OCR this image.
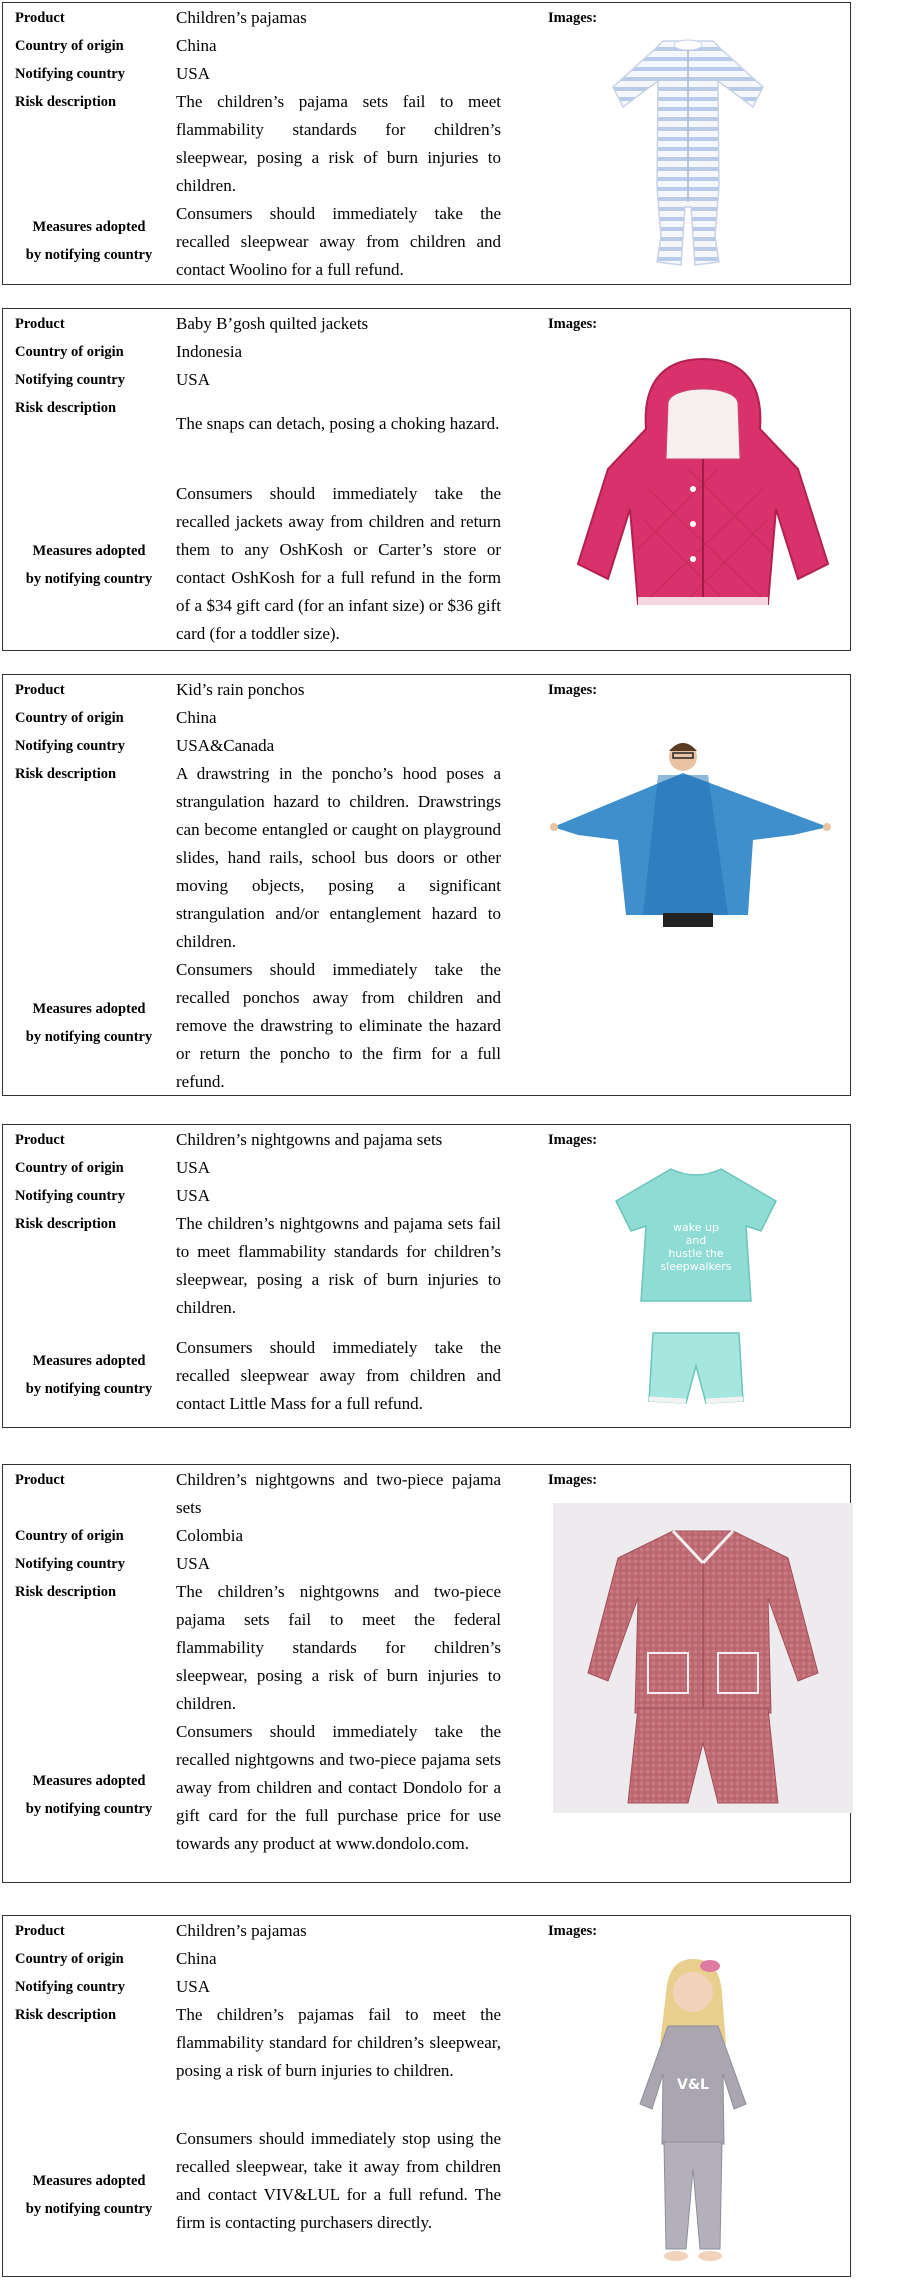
Product
Country of origin
Notifying country
Risk description
Measures adopted
by notifying country
Children’s pajamas
China
USA
The children’s pajama sets fail to meet flammability standards for children’s sleepwear, posing a risk of burn injuries to children.
Consumers should immediately take the recalled sleepwear away from children and contact Woolino for a full refund.
Images:
Product
Country of origin
Notifying country
Risk description
Measures adopted
by notifying country
Baby B’gosh quilted jackets
Indonesia
USA
The snaps can detach, posing a choking hazard.
Consumers should immediately take the recalled jackets away from children and return them to any OshKosh or Carter’s store or contact OshKosh for a full refund in the form of a $34 gift card (for an infant size) or $36 gift card (for a toddler size).
Images:
Product
Country of origin
Notifying country
Risk description
Measures adopted
by notifying country
Kid’s rain ponchos
China
USA&Canada
A drawstring in the poncho’s hood poses a strangulation hazard to children. Drawstrings can become entangled or caught on playground slides, hand rails, school bus doors or other moving objects, posing a significant strangulation and/or entanglement hazard to children.
Consumers should immediately take the recalled ponchos away from children and remove the drawstring to eliminate the hazard or return the poncho to the firm for a full refund.
Images:
Product
Country of origin
Notifying country
Risk description
Measures adopted
by notifying country
Children’s nightgowns and pajama sets
USA
USA
The children’s nightgowns and pajama sets fail to meet flammability standards for children’s sleepwear, posing a risk of burn injuries to children.
Consumers should immediately take the recalled sleepwear away from children and contact Little Mass for a full refund.
Images:
wake up and hustle the sleepwalkers
Product
Country of origin
Notifying country
Risk description
Measures adopted
by notifying country
Children’s nightgowns and two-piece pajama sets
Colombia
USA
The children’s nightgowns and two-piece pajama sets fail to meet the federal flammability standards for children’s sleepwear, posing a risk of burn injuries to children.
Consumers should immediately take the recalled nightgowns and two-piece pajama sets away from children and contact Dondolo for a gift card for the full purchase price for use towards any product at www.dondolo.com.
Images:
Product
Country of origin
Notifying country
Risk description
Measures adopted
by notifying country
Children’s pajamas
China
USA
The children’s pajamas fail to meet the flammability standard for children’s sleepwear, posing a risk of burn injuries to children.
Consumers should immediately stop using the recalled sleepwear, take it away from children and contact VIV&LUL for a full refund. The firm is contacting purchasers directly.
Images:
V&L
